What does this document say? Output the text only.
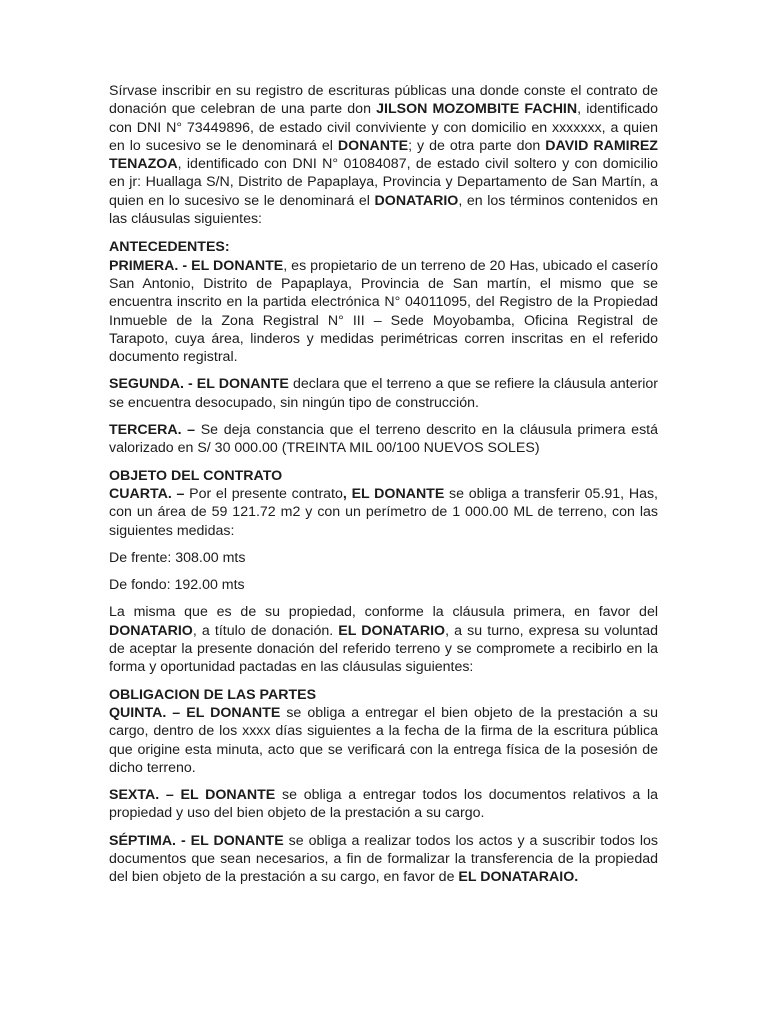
Sírvase inscribir en su registro de escrituras públicas una donde conste el contrato de donación que celebran de una parte don JILSON MOZOMBITE FACHIN, identificado con DNI N° 73449896, de estado civil conviviente y con domicilio en xxxxxxx, a quien en lo sucesivo se le denominará el DONANTE; y de otra parte don DAVID RAMIREZ TENAZOA, identificado con DNI N° 01084087, de estado civil soltero y con domicilio en jr: Huallaga S/N, Distrito de Papaplaya, Provincia y Departamento de San Martín, a quien en lo sucesivo se le denominará el DONATARIO, en los términos contenidos en las cláusulas siguientes:

ANTECEDENTES:

PRIMERA. - EL DONANTE, es propietario de un terreno de 20 Has, ubicado el caserío San Antonio, Distrito de Papaplaya, Provincia de San martín, el mismo que se encuentra inscrito en la partida electrónica N° 04011095, del Registro de la Propiedad Inmueble de la Zona Registral N° III – Sede Moyobamba, Oficina Registral de Tarapoto, cuya área, linderos y medidas perimétricas corren inscritas en el referido documento registral.

SEGUNDA. - EL DONANTE declara que el terreno a que se refiere la cláusula anterior se encuentra desocupado, sin ningún tipo de construcción.

TERCERA. – Se deja constancia que el terreno descrito en la cláusula primera está valorizado en S/ 30 000.00 (TREINTA MIL 00/100 NUEVOS SOLES)

OBJETO DEL CONTRATO

CUARTA. – Por el presente contrato, EL DONANTE se obliga a transferir 05.91, Has, con un área de 59 121.72 m2 y con un perímetro de 1 000.00 ML de terreno, con las siguientes medidas:

De frente: 308.00 mts

De fondo: 192.00 mts

La misma que es de su propiedad, conforme la cláusula primera, en favor del DONATARIO, a título de donación. EL DONATARIO, a su turno, expresa su voluntad de aceptar la presente donación del referido terreno y se compromete a recibirlo en la forma y oportunidad pactadas en las cláusulas siguientes:

OBLIGACION DE LAS PARTES

QUINTA. – EL DONANTE se obliga a entregar el bien objeto de la prestación a su cargo, dentro de los xxxx días siguientes a la fecha de la firma de la escritura pública que origine esta minuta, acto que se verificará con la entrega física de la posesión de dicho terreno.

SEXTA. – EL DONANTE se obliga a entregar todos los documentos relativos a la propiedad y uso del bien objeto de la prestación a su cargo.

SÉPTIMA. - EL DONANTE se obliga a realizar todos los actos y a suscribir todos los documentos que sean necesarios, a fin de formalizar la transferencia de la propiedad del bien objeto de la prestación a su cargo, en favor de EL DONATARAIO.
